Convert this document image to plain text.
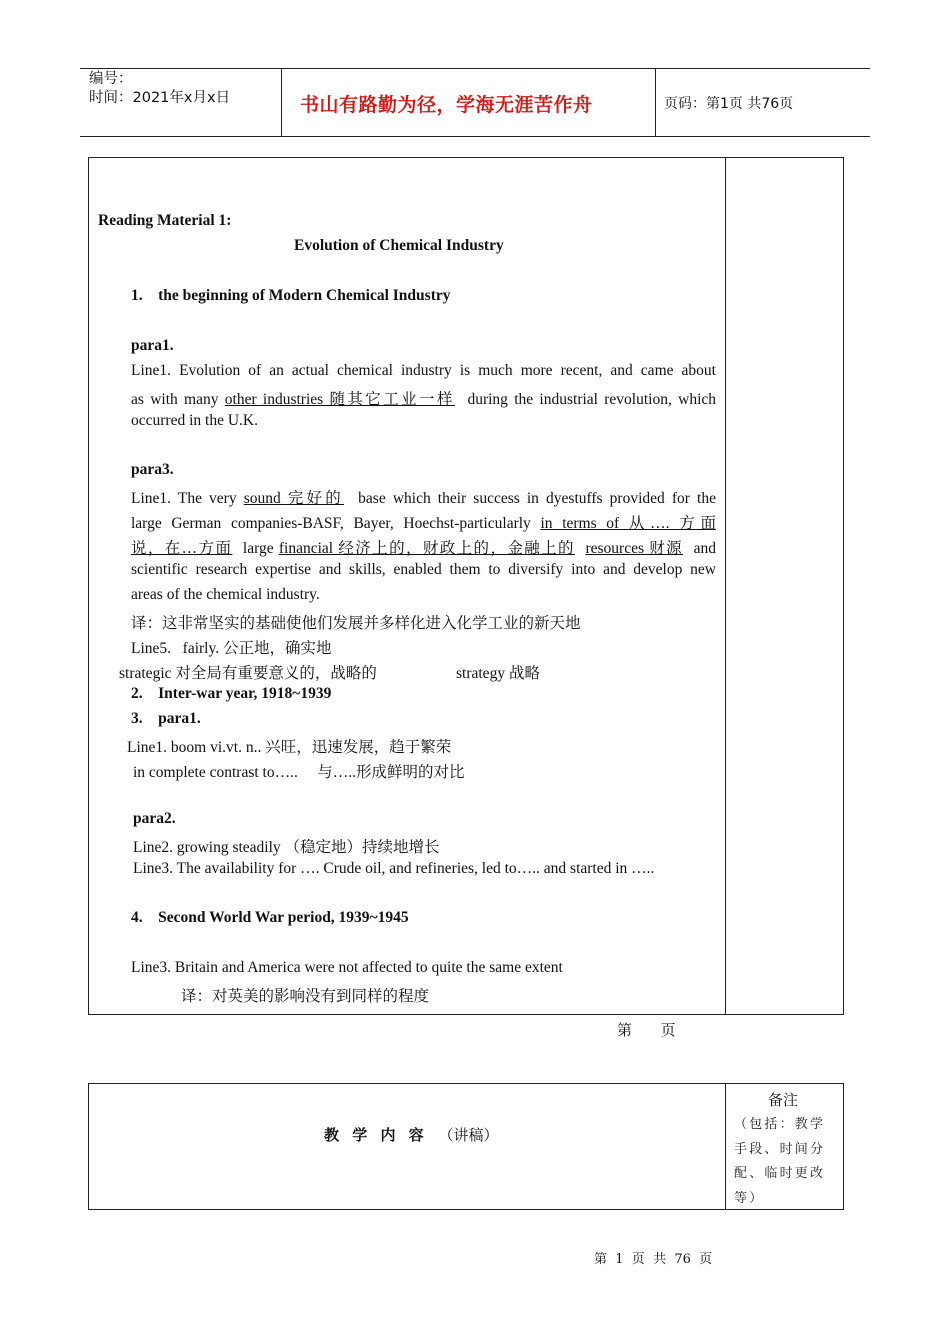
编号：
时间：2021年x月x日	书山有路勤为径，学海无涯苦作舟	页码：第1页 共76页
Reading Material 1:
Evolution of Chemical Industry
1.    the beginning of Modern Chemical Industry
para1.
Line1. Evolution of an actual chemical industry is much more recent, and came about
as with many other industries 随其它工业一样  during the industrial revolution, which
occurred in the U.K.
para3.
Line1. The very sound 完好的  base which their success in dyestuffs provided for the
large German companies-BASF, Bayer, Hoechst-particularly in terms of 从…. 方面
说，在…方面  large financial 经济上的，财政上的，金融上的 resources 财源  and
scientific research expertise and skills, enabled them to diversify into and develop new
areas of the chemical industry.
译：这非常坚实的基础使他们发展并多样化进入化学工业的新天地
Line5.   fairly. 公正地，确实地
strategic 对全局有重要意义的，战略的	strategy 战略
2.    Inter-war year, 1918~1939
3.    para1.
Line1. boom vi.vt. n.. 兴旺，迅速发展，趋于繁荣
in complete contrast to…..     与…..形成鲜明的对比
para2.
Line2. growing steadily （稳定地）持续地增长
Line3. The availability for …. Crude oil, and refineries, led to….. and started in …..
4.    Second World War period, 1939~1945
Line3. Britain and America were not affected to quite the same extent
译：对英美的影响没有到同样的程度
第      页
教 学 内 容 （讲稿）
备注
（包括：教学手段、时间分配、临时更改等）
第  1  页  共  76  页
